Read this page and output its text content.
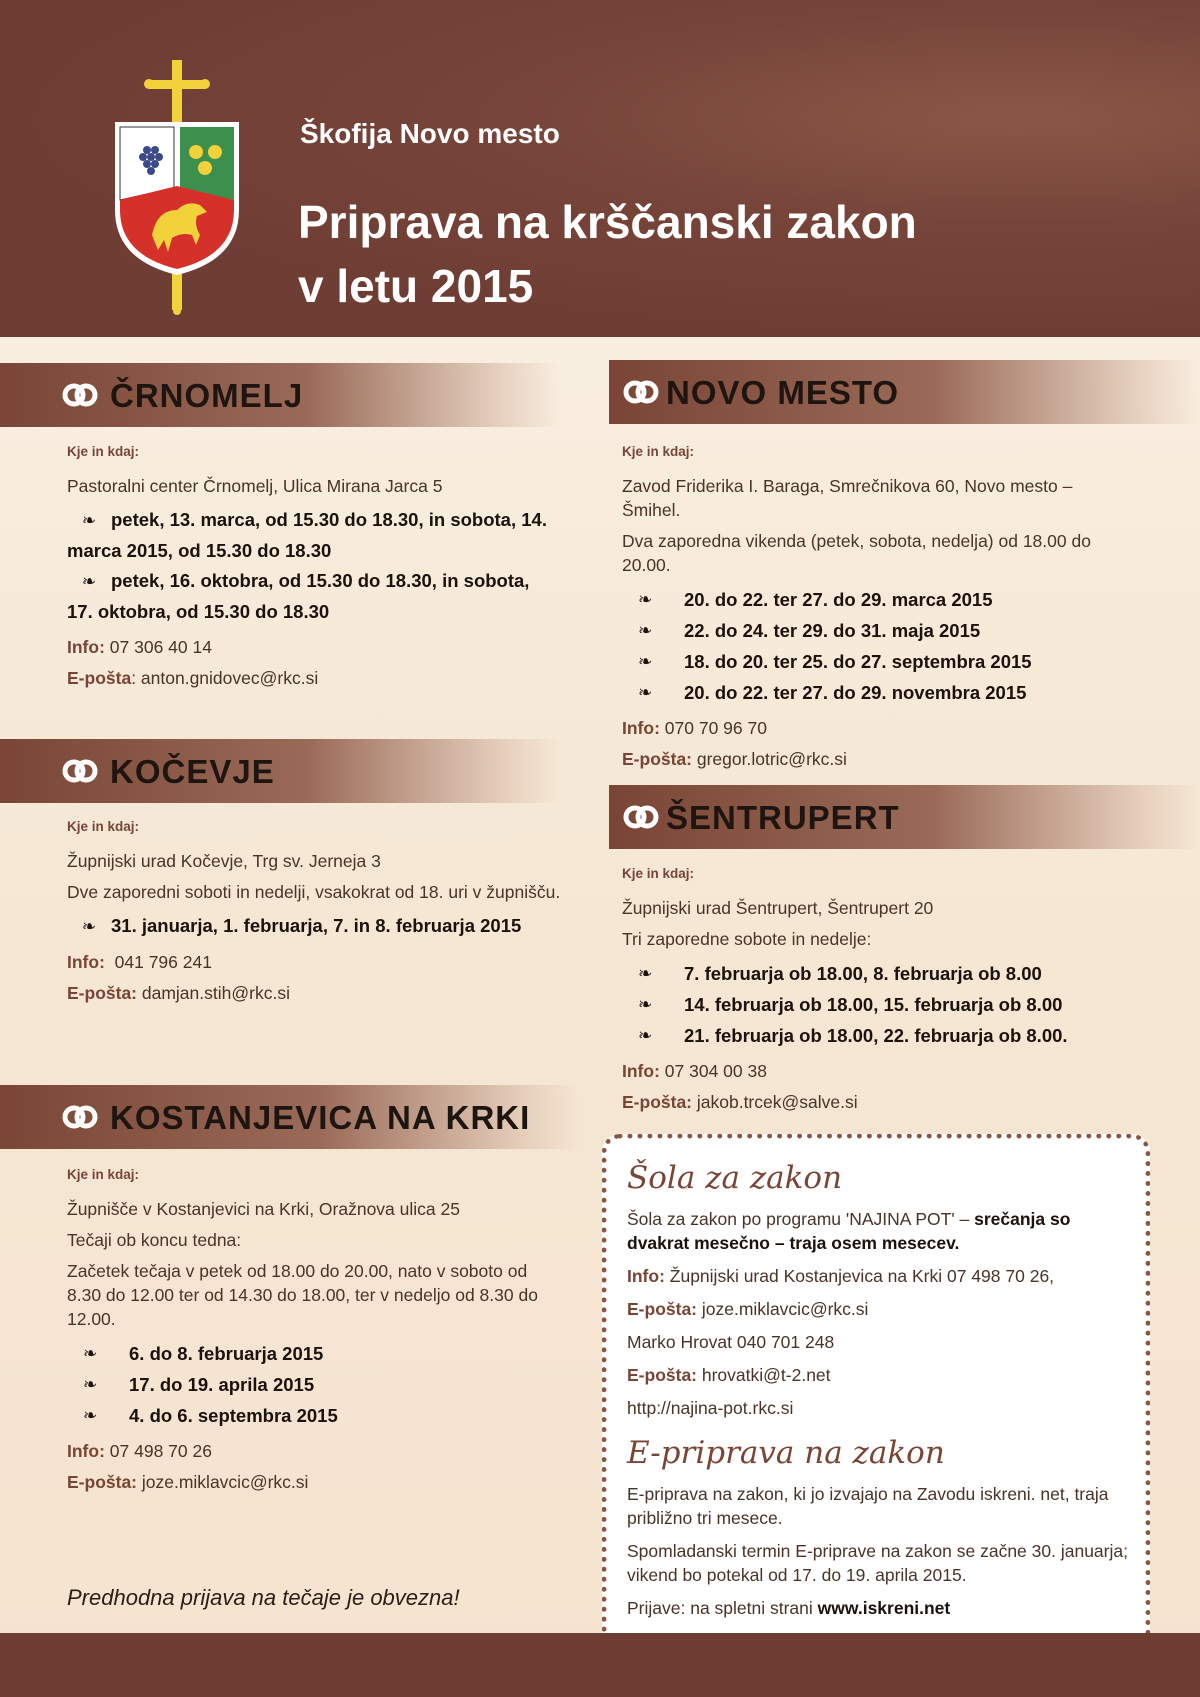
Škofija Novo mesto
Priprava na krščanski zakon
v letu 2015
ČRNOMELJ

Kje in kdaj:

Pastoralni center Črnomelj, Ulica Mirana Jarca 5

❧ petek, 13. marca, od 15.30 do 18.30, in sobota, 14. marca 2015, od 15.30 do 18.30
❧ petek, 16. oktobra, od 15.30 do 18.30, in sobota, 17. oktobra, od 15.30 do 18.30

Info: 07 306 40 14

E-pošta: anton.gnidovec@rkc.si

KOČEVJE

Kje in kdaj:

Župnijski urad Kočevje, Trg sv. Jerneja 3

Dve zaporedni soboti in nedelji, vsakokrat od 18. uri v župnišču.

❧ 31. januarja, 1. februarja, 7. in 8. februarja 2015

Info: 041 796 241

E-pošta: damjan.stih@rkc.si

KOSTANJEVICA NA KRKI

Kje in kdaj:

Župnišče v Kostanjevici na Krki, Oražnova ulica 25

Tečaji ob koncu tedna:

Začetek tečaja v petek od 18.00 do 20.00, nato v soboto od 8.30 do 12.00 ter od 14.30 do 18.00, ter v nedeljo od 8.30 do 12.00.

❧ 6. do 8. februarja 2015
❧ 17. do 19. aprila 2015
❧ 4. do 6. septembra 2015

Info: 07 498 70 26

E-pošta: joze.miklavcic@rkc.si

NOVO MESTO

Kje in kdaj:

Zavod Friderika I. Baraga, Smrečnikova 60, Novo mesto – Šmihel.

Dva zaporedna vikenda (petek, sobota, nedelja) od 18.00 do 20.00.

❧ 20. do 22. ter 27. do 29. marca 2015
❧ 22. do 24. ter 29. do 31. maja 2015
❧ 18. do 20. ter 25. do 27. septembra 2015
❧ 20. do 22. ter 27. do 29. novembra 2015

Info: 070 70 96 70

E-pošta: gregor.lotric@rkc.si

ŠENTRUPERT

Kje in kdaj:

Župnijski urad Šentrupert, Šentrupert 20

Tri zaporedne sobote in nedelje:

❧ 7. februarja ob 18.00, 8. februarja ob 8.00
❧ 14. februarja ob 18.00, 15. februarja ob 8.00
❧ 21. februarja ob 18.00, 22. februarja ob 8.00.

Info: 07 304 00 38

E-pošta: jakob.trcek@salve.si

Šola za zakon

Šola za zakon po programu 'NAJINA POT' – srečanja so dvakrat mesečno – traja osem mesecev.

Info: Župnijski urad Kostanjevica na Krki 07 498 70 26,

E-pošta: joze.miklavcic@rkc.si

Marko Hrovat 040 701 248

E-pošta: hrovatki@t-2.net

http://najina-pot.rkc.si

E-priprava na zakon

E-priprava na zakon, ki jo izvajajo na Zavodu iskreni. net, traja približno tri mesece.

Spomladanski termin E-priprave na zakon se začne 30. januarja; vikend bo potekal od 17. do 19. aprila 2015.

Prijave: na spletni strani www.iskreni.net

Predhodna prijava na tečaje je obvezna!
